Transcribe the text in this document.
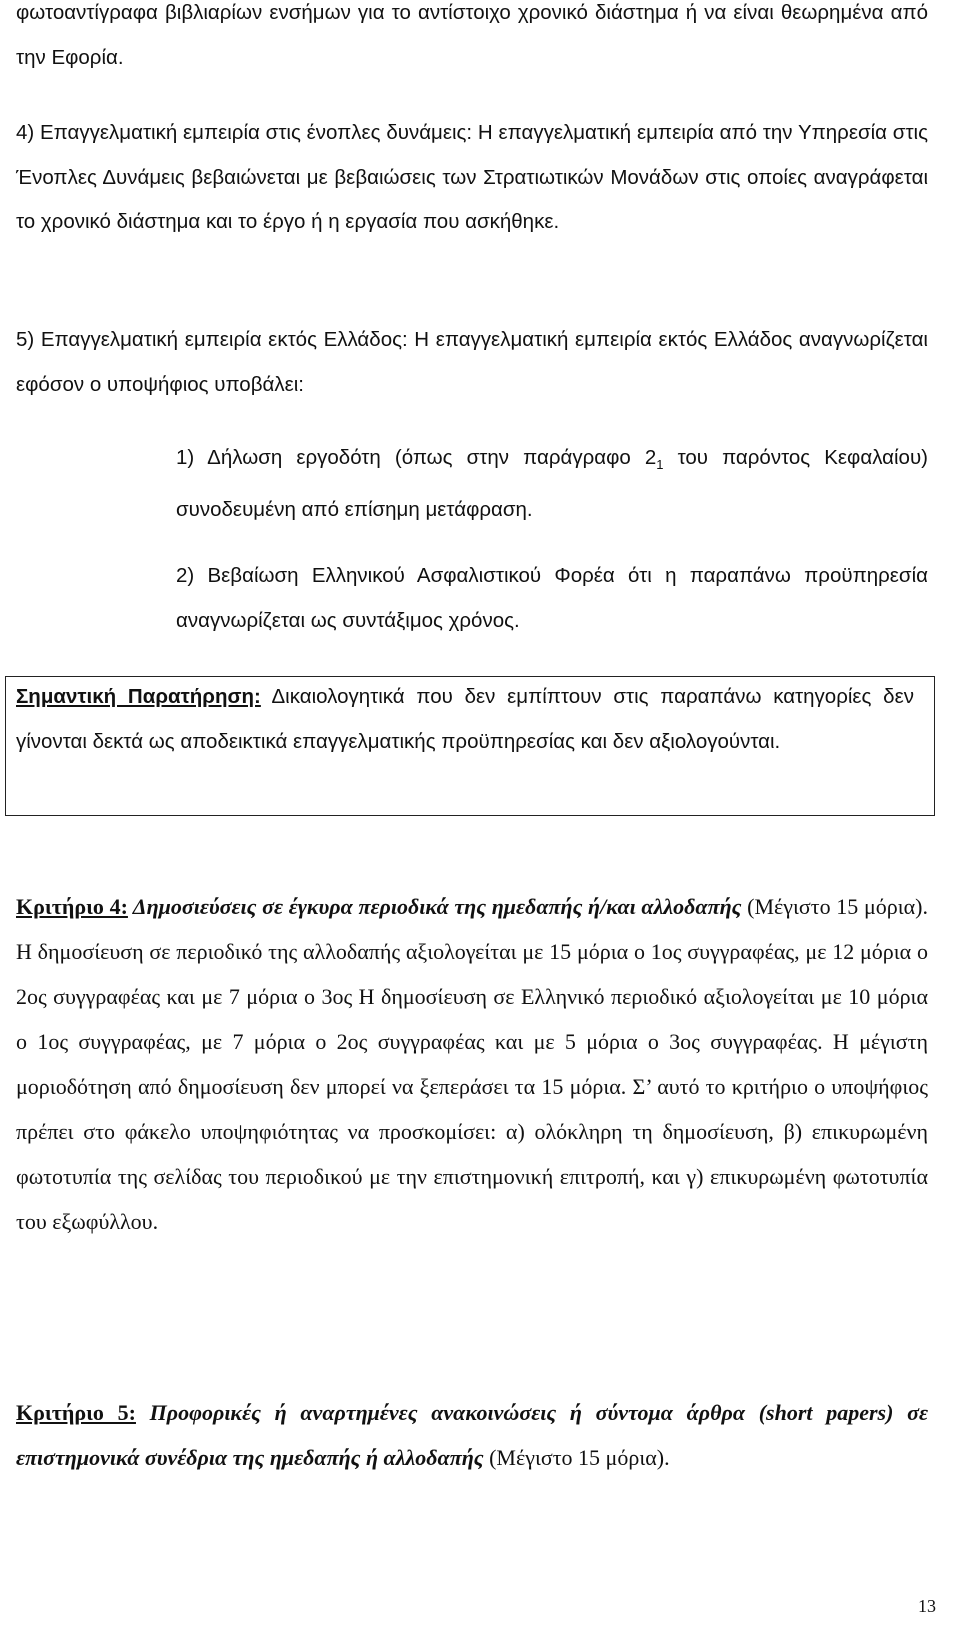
φωτοαντίγραφα βιβλιαρίων ενσήμων για το αντίστοιχο χρονικό διάστημα ή να είναι θεωρημένα από την Εφορία.

4) Επαγγελματική εμπειρία στις ένοπλες δυνάμεις: Η επαγγελματική εμπειρία από την Υπηρεσία στις Ένοπλες Δυνάμεις βεβαιώνεται με βεβαιώσεις των Στρατιωτικών Μονάδων στις οποίες αναγράφεται το χρονικό διάστημα και το έργο ή η εργασία που ασκήθηκε.

5) Επαγγελματική εμπειρία εκτός Ελλάδος: Η επαγγελματική εμπειρία εκτός Ελλάδος αναγνωρίζεται εφόσον ο υποψήφιος υποβάλει:

1) Δήλωση εργοδότη (όπως στην παράγραφο $2_1$ του παρόντος Κεφαλαίου) συνοδευμένη από επίσημη μετάφραση.

2) Βεβαίωση Ελληνικού Ασφαλιστικού Φορέα ότι η παραπάνω προϋπηρεσία αναγνωρίζεται ως συντάξιμος χρόνος.

Σημαντική Παρατήρηση: Δικαιολογητικά που δεν εμπίπτουν στις παραπάνω κατηγορίες δεν γίνονται δεκτά ως αποδεικτικά επαγγελματικής προϋπηρεσίας και δεν αξιολογούνται.

Κριτήριο 4: Δημοσιεύσεις σε έγκυρα περιοδικά της ημεδαπής ή/και αλλοδαπής (Μέγιστο 15 μόρια). Η δημοσίευση σε περιοδικό της αλλοδαπής αξιολογείται με 15 μόρια ο 1ος συγγραφέας, με 12 μόρια ο 2ος συγγραφέας και με 7 μόρια ο 3ος Η δημοσίευση σε Ελληνικό περιοδικό αξιολογείται με 10 μόρια ο 1ος συγγραφέας, με 7 μόρια ο 2ος συγγραφέας και με 5 μόρια ο 3ος συγγραφέας. Η μέγιστη μοριοδότηση από δημοσίευση δεν μπορεί να ξεπεράσει τα 15 μόρια. Σ’ αυτό το κριτήριο ο υποψήφιος πρέπει στο φάκελο υποψηφιότητας να προσκομίσει: α) ολόκληρη τη δημοσίευση, β) επικυρωμένη φωτοτυπία της σελίδας του περιοδικού με την επιστημονική επιτροπή, και γ) επικυρωμένη φωτοτυπία του εξωφύλλου.

Κριτήριο 5: Προφορικές ή αναρτημένες ανακοινώσεις ή σύντομα άρθρα (short papers) σε επιστημονικά συνέδρια της ημεδαπής ή αλλοδαπής (Μέγιστο 15 μόρια).

13
